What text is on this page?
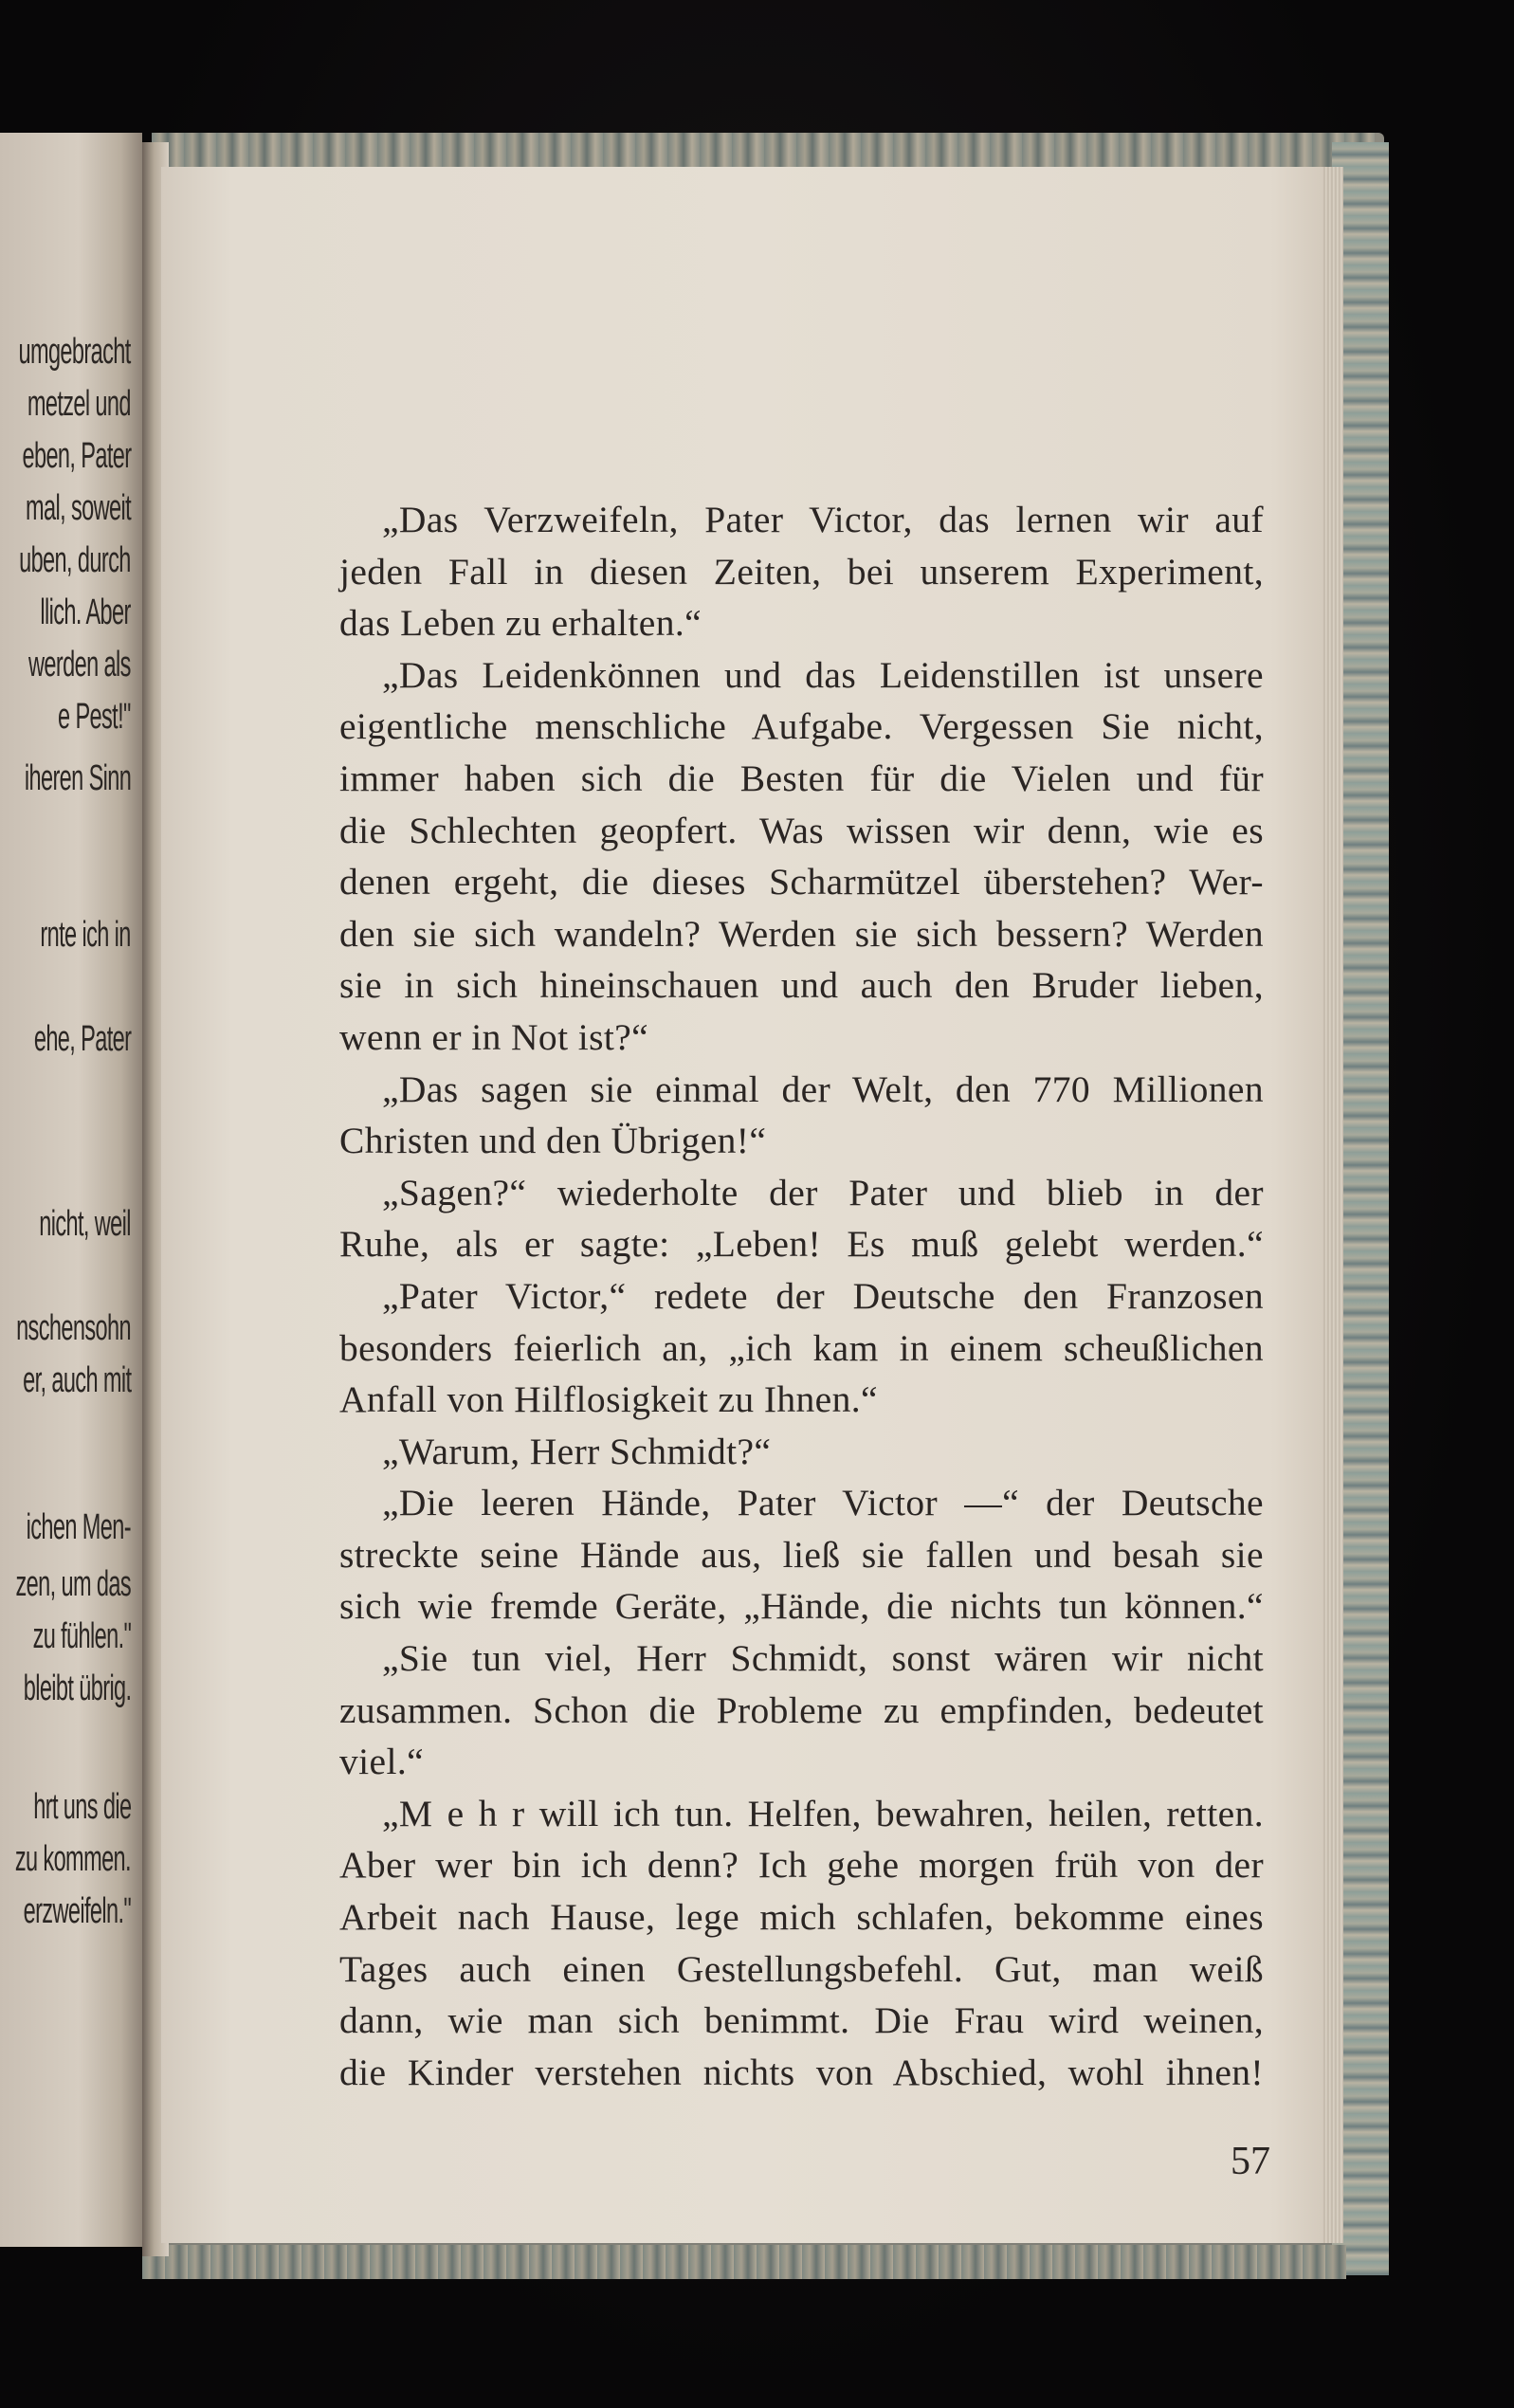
umgebracht
metzel und
eben, Pater
mal, soweit
uben, durch
llich. Aber
werden als
e Pest!"
iheren Sinn
rnte ich in
ehe, Pater
nicht, weil
nschensohn
er, auch mit
ichen Men-
zen, um das
zu fühlen."
bleibt übrig.
hrt uns die
zu kommen.
erzweifeln."
„Das Verzweifeln, Pater Victor, das lernen wir auf
jeden Fall in diesen Zeiten, bei unserem Experiment,
das Leben zu erhalten.“
„Das Leidenkönnen und das Leidenstillen ist unsere
eigentliche menschliche Aufgabe. Vergessen Sie nicht,
immer haben sich die Besten für die Vielen und für
die Schlechten geopfert. Was wissen wir denn, wie es
denen ergeht, die dieses Scharmützel überstehen? Wer-
den sie sich wandeln? Werden sie sich bessern? Werden
sie in sich hineinschauen und auch den Bruder lieben,
wenn er in Not ist?“
„Das sagen sie einmal der Welt, den 770 Millionen
Christen und den Übrigen!“
„Sagen?“ wiederholte der Pater und blieb in der
Ruhe, als er sagte: „Leben! Es muß gelebt werden.“
„Pater Victor,“ redete der Deutsche den Franzosen
besonders feierlich an, „ich kam in einem scheußlichen
Anfall von Hilflosigkeit zu Ihnen.“
„Warum, Herr Schmidt?“
„Die leeren Hände, Pater Victor —“ der Deutsche
streckte seine Hände aus, ließ sie fallen und besah sie
sich wie fremde Geräte, „Hände, die nichts tun können.“
„Sie tun viel, Herr Schmidt, sonst wären wir nicht
zusammen. Schon die Probleme zu empfinden, bedeutet
viel.“
„M e h r will ich tun. Helfen, bewahren, heilen, retten.
Aber wer bin ich denn? Ich gehe morgen früh von der
Arbeit nach Hause, lege mich schlafen, bekomme eines
Tages auch einen Gestellungsbefehl. Gut, man weiß
dann, wie man sich benimmt. Die Frau wird weinen,
die Kinder verstehen nichts von Abschied, wohl ihnen!
57
